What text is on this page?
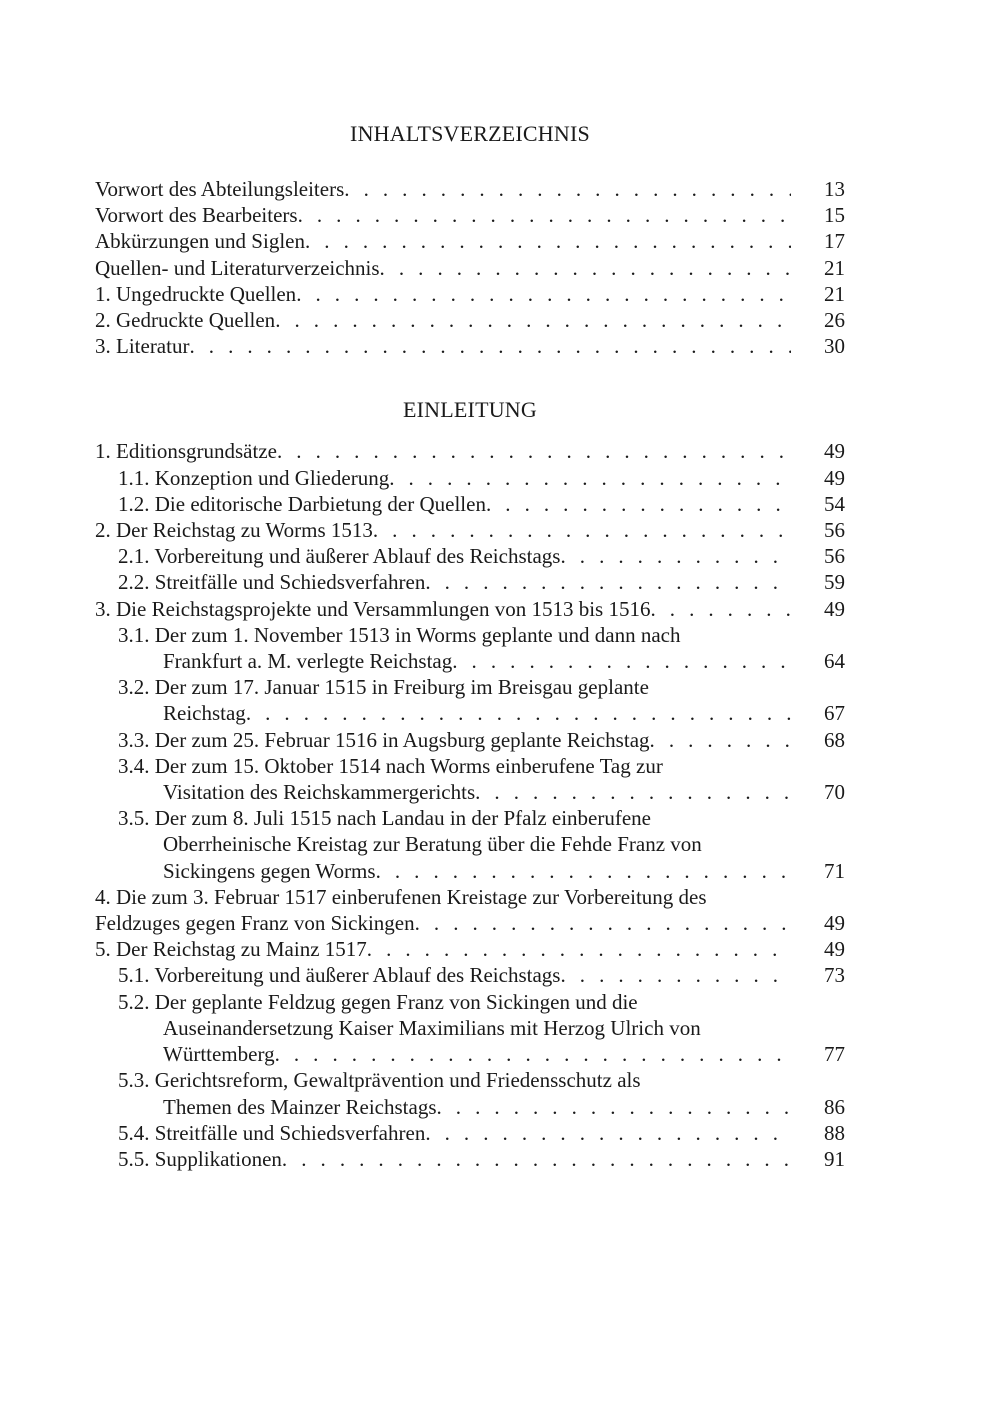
INHALTSVERZEICHNIS
Vorwort des Abteilungsleiters . . .	13
Vorwort des Bearbeiters . . .	15
Abkürzungen und Siglen . . .	17
Quellen- und Literaturverzeichnis . . .	21
1. Ungedruckte Quellen . . .	21
2. Gedruckte Quellen . . .	26
3. Literatur . . .	30
EINLEITUNG
1. Editionsgrundsätze . . .	49
1.1. Konzeption und Gliederung . . .	49
1.2. Die editorische Darbietung der Quellen . . .	54
2. Der Reichstag zu Worms 1513 . . .	56
2.1. Vorbereitung und äußerer Ablauf des Reichstags . . .	56
2.2. Streitfälle und Schiedsverfahren . . .	59
3. Die Reichstagsprojekte und Versammlungen von 1513 bis 1516 . . .	49
3.1. Der zum 1. November 1513 in Worms geplante und dann nach
Frankfurt a. M. verlegte Reichstag . . .	64
3.2. Der zum 17. Januar 1515 in Freiburg im Breisgau geplante
Reichstag . . .	67
3.3. Der zum 25. Februar 1516 in Augsburg geplante Reichstag . . .	68
3.4. Der zum 15. Oktober 1514 nach Worms einberufene Tag zur
Visitation des Reichskammergerichts . . .	70
3.5. Der zum 8. Juli 1515 nach Landau in der Pfalz einberufene
Oberrheinische Kreistag zur Beratung über die Fehde Franz von
Sickingens gegen Worms . . .	71
4. Die zum 3. Februar 1517 einberufenen Kreistage zur Vorbereitung des
Feldzuges gegen Franz von Sickingen . . .	49
5. Der Reichstag zu Mainz 1517 . . .	49
5.1. Vorbereitung und äußerer Ablauf des Reichstags . . .	73
5.2. Der geplante Feldzug gegen Franz von Sickingen und die
Auseinandersetzung Kaiser Maximilians mit Herzog Ulrich von
Württemberg . . .	77
5.3. Gerichtsreform, Gewaltprävention und Friedensschutz als
Themen des Mainzer Reichstags . . .	86
5.4. Streitfälle und Schiedsverfahren . . .	88
5.5. Supplikationen . . .	91
